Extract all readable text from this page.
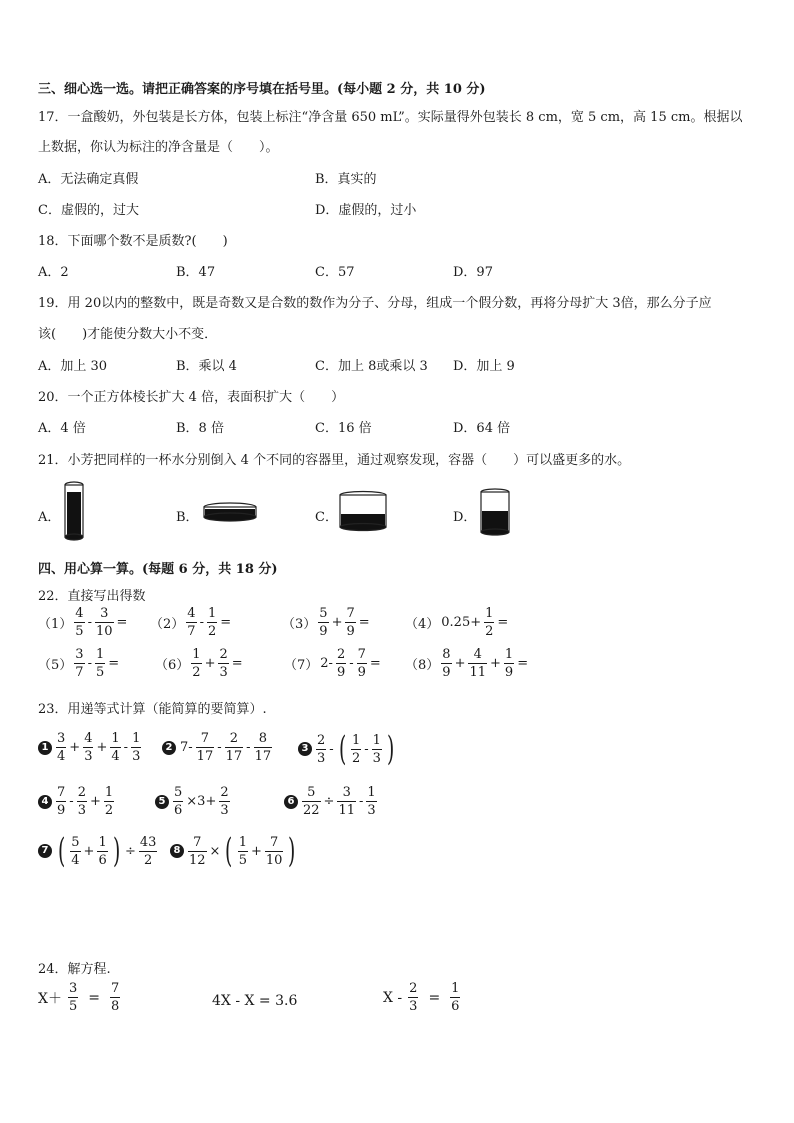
三、细心选一选。请把正确答案的序号填在括号里。(每小题 2 分，共 10 分)
17．一盒酸奶，外包装是长方体，包装上标注“净含量 650 mL”。实际量得外包装长 8 cm，宽 5 cm，高 15 cm。根据以
上数据，你认为标注的净含量是（　　）。
A．无法确定真假	B．真实的
C．虚假的，过大	D．虚假的，过小
18．下面哪个数不是质数?(　　)
A．2	B．47	C．57	D．97
19．用 20以内的整数中，既是奇数又是合数的数作为分子、分母，组成一个假分数，再将分母扩大 3倍，那么分子应
该(　　)才能使分数大小不变．
A．加上 30	B．乘以 4	C．加上 8或乘以 3 D．加上 9
20．一个正方体棱长扩大 4 倍，表面积扩大（　　）
A．4 倍	B．8 倍	C．16 倍	D．64 倍
21．小芳把同样的一杯水分别倒入 4 个不同的容器里，通过观察发现，容器（　　）可以盛更多的水。
A．	B．	C．	D．
四、用心算一算。(每题 6 分，共 18 分)
22．直接写出得数
$(1) \frac{4}{5} - \frac{3}{10} = (2) \frac{4}{7} - \frac{1}{2}$ =	$(3) \frac{5}{9} + \frac{7}{9}$ =	（4） $0.25+ \frac{1}{2}$ =
$(5) \frac{3}{7} - \frac{1}{5}$ =	$(6) \frac{1}{2} + \frac{2}{3}$ =	（7） $2- \frac{2}{9} - \frac{7}{9} = (8) \frac{8}{9} + \frac{4}{11} + \frac{1}{9}$ =
23．用递等式计算（能简算的要简算）.
$1 \frac{3}{4} + \frac{4}{3} + \frac{1}{4} - \frac{1}{3}$	2 $7- \frac{7}{17} - \frac{2}{17} - \frac{8}{17}$	$3 \frac{2}{3}$ - ( $\frac{1}{2} - \frac{1}{3}$ )
$4 \frac{7}{9} - \frac{2}{3} + \frac{1}{2}$	$5 \frac{5}{6} \times 3+ \frac{2}{3}$	$6 \frac{5}{22} \div \frac{3}{11} - \frac{1}{3}$
7 ( $\frac{5}{4} + \frac{1}{6}$ ) ÷ $\frac{43}{2}$	$8 \frac{7}{12}$ × ( $\frac{1}{5} + \frac{7}{10}$ )
24．解方程.
$X+ \frac{3}{5} = \frac{7}{8}$	4X - X = 3.6	$X - \frac{2}{3} = \frac{1}{6}$
